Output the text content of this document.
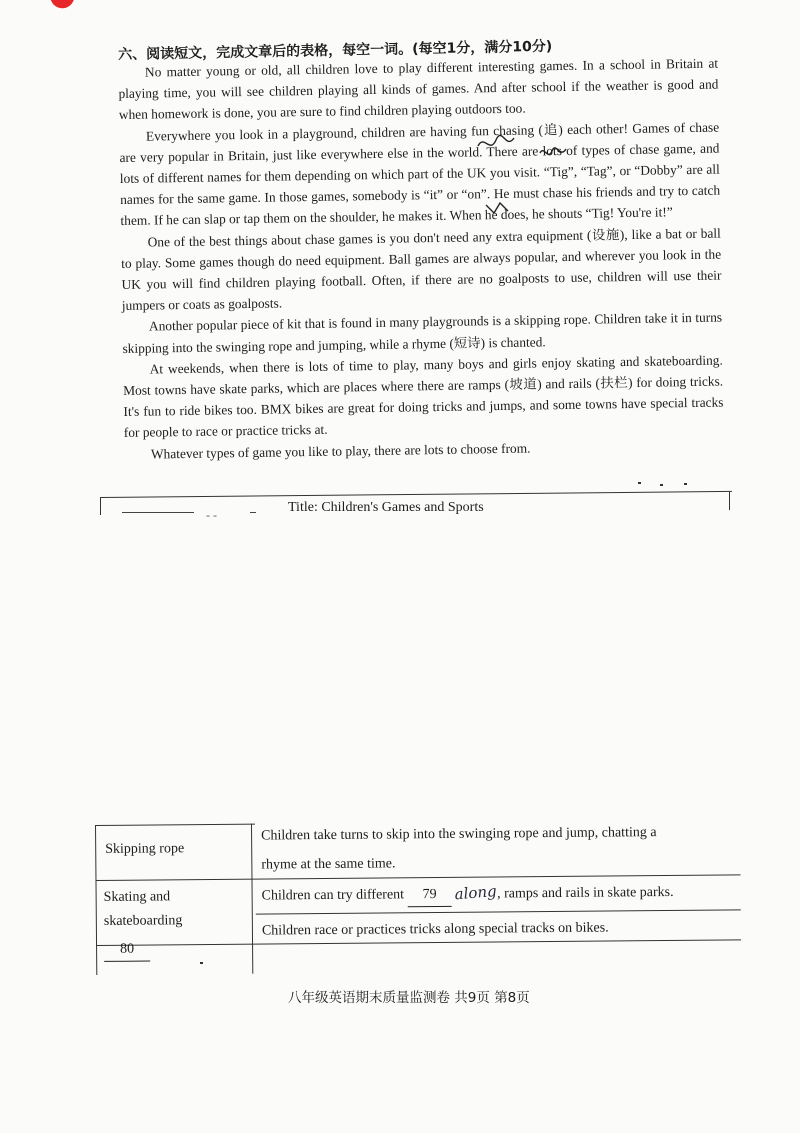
六、阅读短文，完成文章后的表格，每空一词。(每空1分，满分10分)

No matter young or old, all children love to play different interesting games. In a school in Britain at playing time, you will see children playing all kinds of games. And after school if the weather is good and when homework is done, you are sure to find children playing outdoors too.

Everywhere you look in a playground, children are having fun chasing (追) each other! Games of chase are very popular in Britain, just like everywhere else in the world. There are lots of types of chase game, and lots of different names for them depending on which part of the UK you visit. “Tig”, “Tag”, or “Dobby” are all names for the same game. In those games, somebody is “it” or “on”. He must chase his friends and try to catch them. If he can slap or tap them on the shoulder, he makes it. When he does, he shouts “Tig! You're it!”

One of the best things about chase games is you don't need any extra equipment (设施), like a bat or ball to play. Some games though do need equipment. Ball games are always popular, and wherever you look in the UK you will find children playing football. Often, if there are no goalposts to use, children will use their jumpers or coats as goalposts.

Another popular piece of kit that is found in many playgrounds is a skipping rope. Children take it in turns skipping into the swinging rope and jumping, while a rhyme (短诗) is chanted.

At weekends, when there is lots of time to play, many boys and girls enjoy skating and skateboarding. Most towns have skate parks, which are places where there are ramps (坡道) and rails (扶栏) for doing tricks. It's fun to ride bikes too. BMX bikes are great for doing tricks and jumps, and some towns have special tracks for people to race or practice tricks at.

Whatever types of game you like to play, there are lots to choose from.

- -	Title: Children's Games and Sports
Skipping rope
Children take turns to skip into the swinging rope and jump, chatting a
rhyme at the same time.
Skating and
skateboarding
Children can try different 79 along, ramps and rails in skate parks.
80
Children race or practices tricks along special tracks on bikes.
八年级英语期末质量监测卷 共9页 第8页
